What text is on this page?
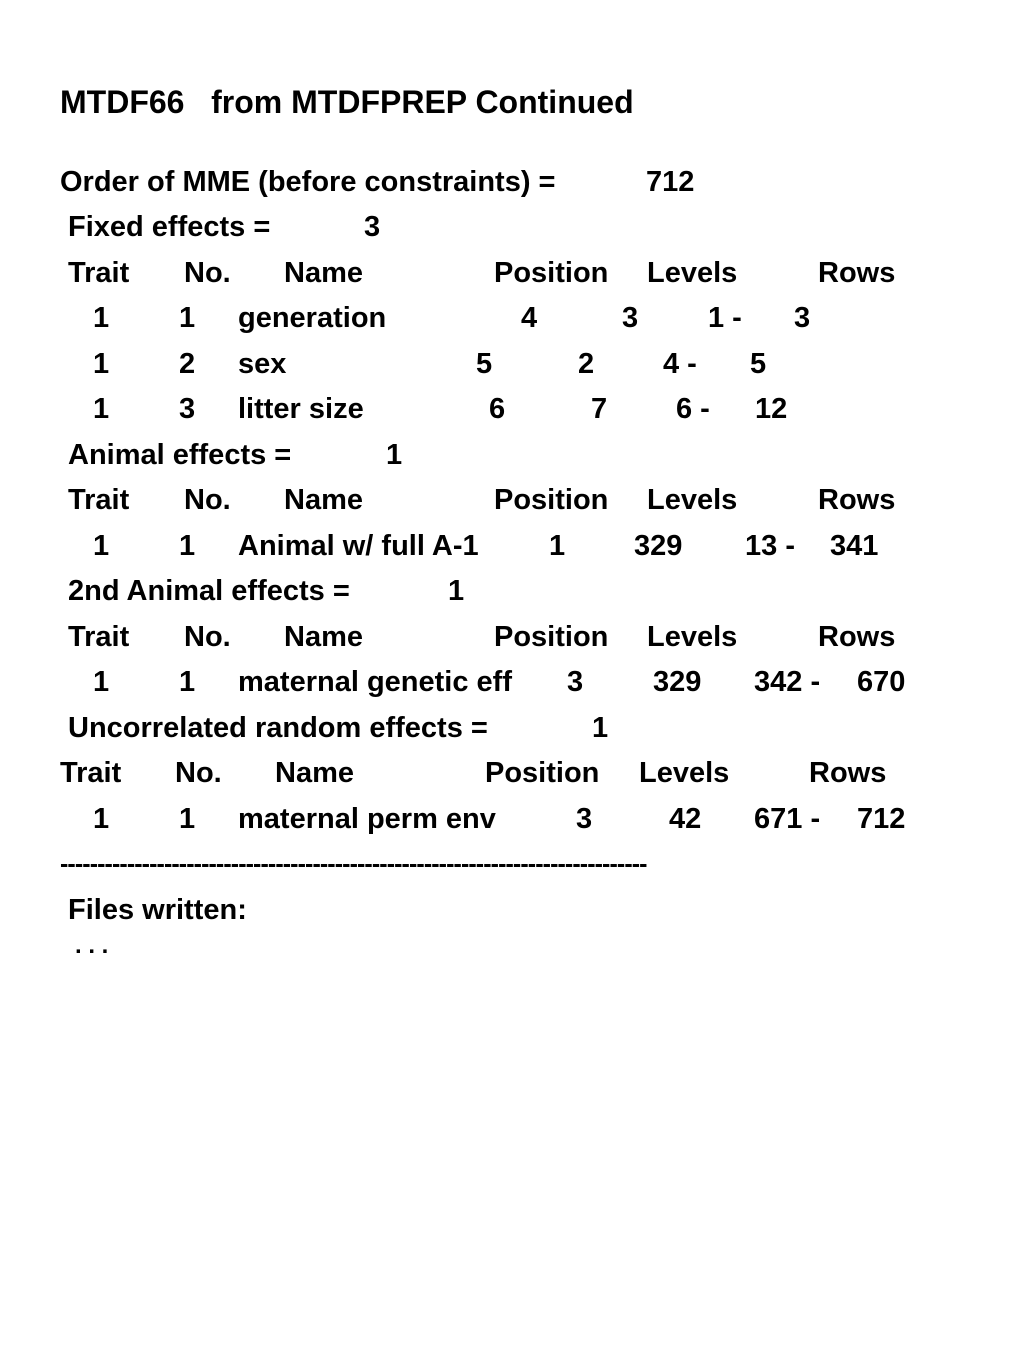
MTDF66   from MTDFPREP Continued
Order of MME (before constraints) =	712
Fixed effects =	3
Trait No. Name	Position Levels	Rows
1 1 generation	4	3 1 - 3
1 2 sex	5	2 4 - 5
1 3 litter size	6	7 6 - 12
Animal effects =	1
Trait No. Name	Position Levels	Rows
1 1 Animal w/ full A-1 1 329 13 - 341
2nd Animal effects =	1
Trait No. Name	Position Levels	Rows
1 1 maternal genetic eff 3 329 342 - 670
Uncorrelated random effects =	1
Trait No. Name	Position Levels	Rows
1 1 maternal perm env	3	42 671 - 712
-------------------------------------------------------------------------------
Files written:
. . .
